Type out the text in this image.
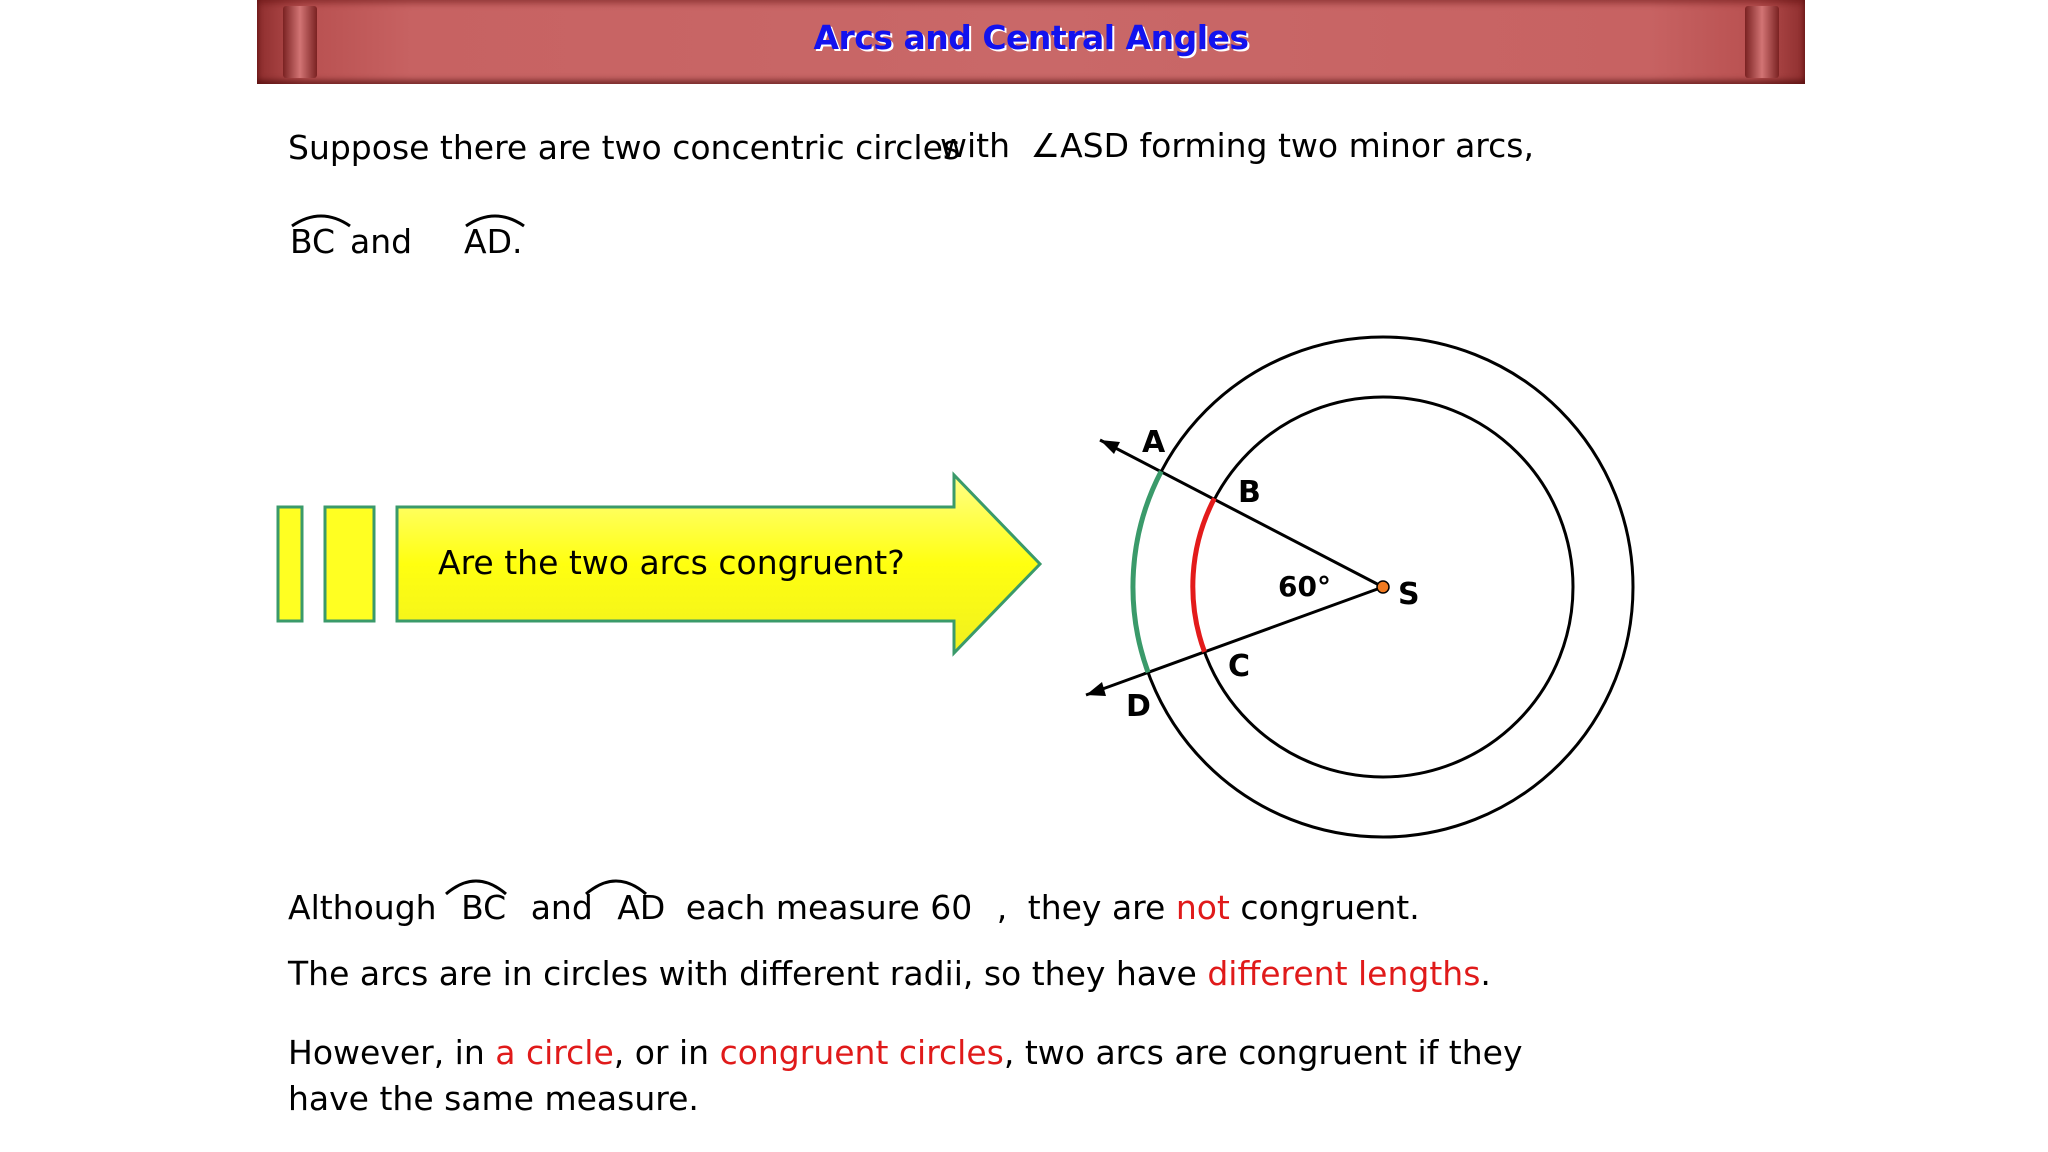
Arcs and Central Angles
Suppose there are two concentric circles
with ∠ASD forming two minor arcs,
BC and AD.
Are the two arcs congruent?
A
B
C
D
S
60°
Although BC and AD each measure 60 , they are not congruent.
The arcs are in circles with different radii, so they have different lengths.
However, in a circle, or in congruent circles, two arcs are congruent if they
have the same measure.
